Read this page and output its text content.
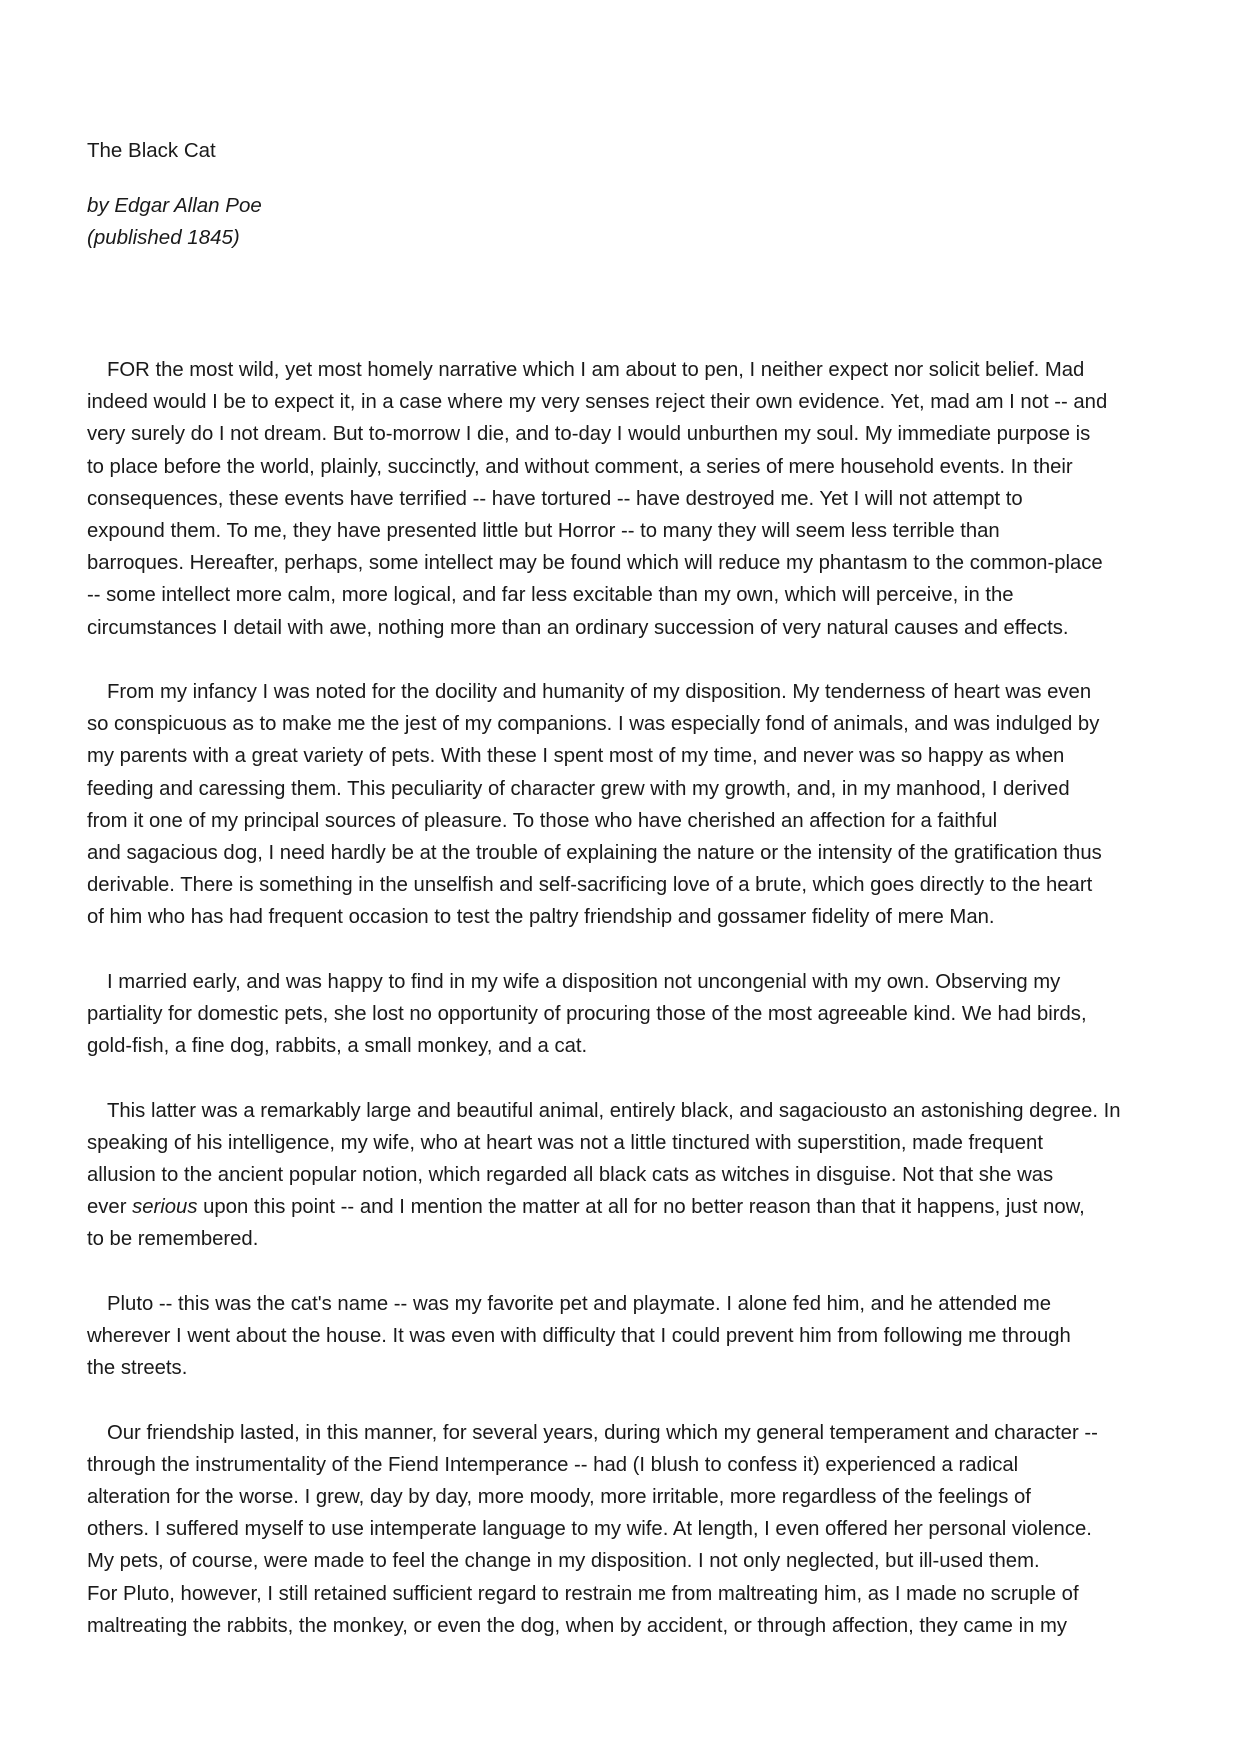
The Black Cat
by Edgar Allan Poe
(published 1845)

FOR the most wild, yet most homely narrative which I am about to pen, I neither expect nor solicit belief. Mad
indeed would I be to expect it, in a case where my very senses reject their own evidence. Yet, mad am I not -- and
very surely do I not dream. But to-morrow I die, and to-day I would unburthen my soul. My immediate purpose is
to place before the world, plainly, succinctly, and without comment, a series of mere household events. In their
consequences, these events have terrified -- have tortured -- have destroyed me. Yet I will not attempt to
expound them. To me, they have presented little but Horror -- to many they will seem less terrible than
barroques. Hereafter, perhaps, some intellect may be found which will reduce my phantasm to the common-place
-- some intellect more calm, more logical, and far less excitable than my own, which will perceive, in the
circumstances I detail with awe, nothing more than an ordinary succession of very natural causes and effects.

From my infancy I was noted for the docility and humanity of my disposition. My tenderness of heart was even
so conspicuous as to make me the jest of my companions. I was especially fond of animals, and was indulged by
my parents with a great variety of pets. With these I spent most of my time, and never was so happy as when
feeding and caressing them. This peculiarity of character grew with my growth, and, in my manhood, I derived
from it one of my principal sources of pleasure. To those who have cherished an affection for a faithful
and sagacious dog, I need hardly be at the trouble of explaining the nature or the intensity of the gratification thus
derivable. There is something in the unselfish and self-sacrificing love of a brute, which goes directly to the heart
of him who has had frequent occasion to test the paltry friendship and gossamer fidelity of mere Man.

I married early, and was happy to find in my wife a disposition not uncongenial with my own. Observing my
partiality for domestic pets, she lost no opportunity of procuring those of the most agreeable kind. We had birds,
gold-fish, a fine dog, rabbits, a small monkey, and a cat.

This latter was a remarkably large and beautiful animal, entirely black, and sagaciousto an astonishing degree. In
speaking of his intelligence, my wife, who at heart was not a little tinctured with superstition, made frequent
allusion to the ancient popular notion, which regarded all black cats as witches in disguise. Not that she was
ever serious upon this point -- and I mention the matter at all for no better reason than that it happens, just now,
to be remembered.

Pluto -- this was the cat's name -- was my favorite pet and playmate. I alone fed him, and he attended me
wherever I went about the house. It was even with difficulty that I could prevent him from following me through
the streets.

Our friendship lasted, in this manner, for several years, during which my general temperament and character --
through the instrumentality of the Fiend Intemperance -- had (I blush to confess it) experienced a radical
alteration for the worse. I grew, day by day, more moody, more irritable, more regardless of the feelings of
others. I suffered myself to use intemperate language to my wife. At length, I even offered her personal violence.
My pets, of course, were made to feel the change in my disposition. I not only neglected, but ill-used them.
For Pluto, however, I still retained sufficient regard to restrain me from maltreating him, as I made no scruple of
maltreating the rabbits, the monkey, or even the dog, when by accident, or through affection, they came in my
